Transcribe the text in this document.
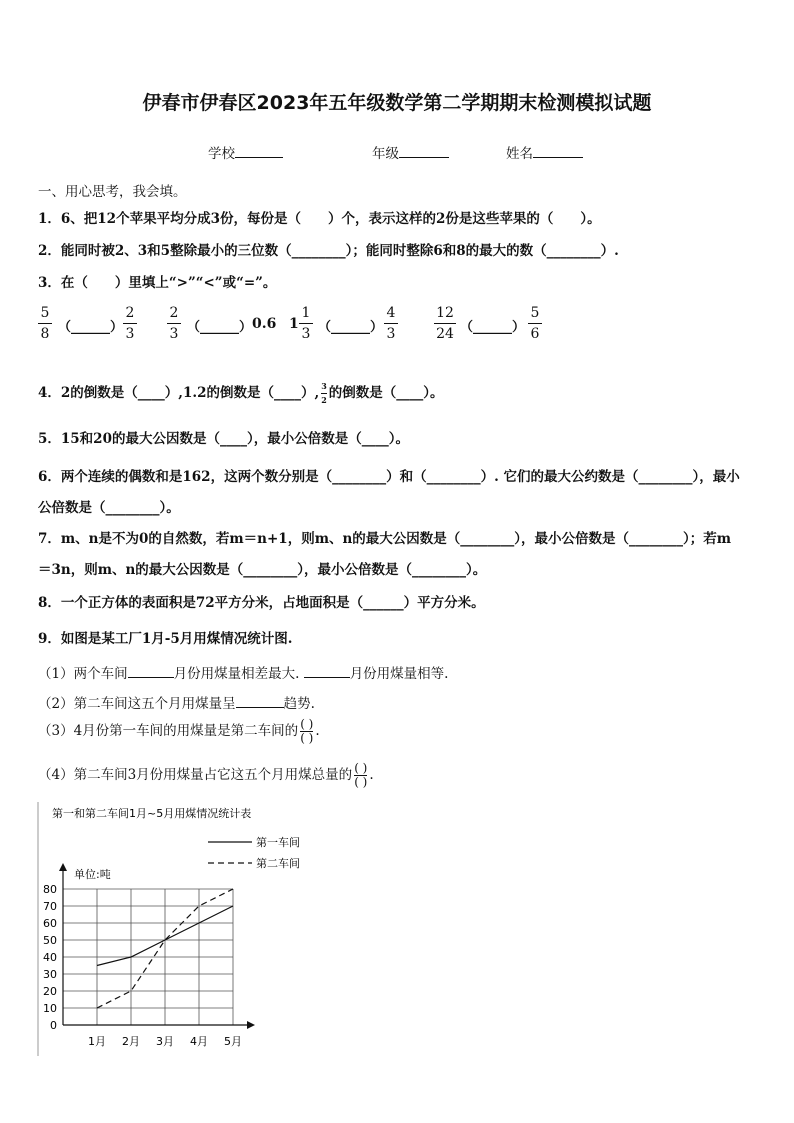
伊春市伊春区2023年五年级数学第二学期期末检测模拟试题
学校	年级	姓名
一、用心思考，我会填。
1．6、把12个苹果平均分成3份，每份是（　　）个，表示这样的2份是这些苹果的（　　）。
2．能同时被2、3和5整除最小的三位数（________）；能同时整除6和8的最大的数（________）.
3．在（　　）里填上“>”“<”或“=”。
5
8 （______）
2
3
2
3 （______） 0.6 1
1
3 （______）
4
3
12
24 （______）
5
6
4．2的倒数是（____）,1.2的倒数是（____）, $\frac{3}{2}$ 的倒数是（____）。
5．15和20的最大公因数是（____），最小公倍数是（____）。
6．两个连续的偶数和是162，这两个数分别是（________）和（________）. 它们的最大公约数是（________），最小
公倍数是（________）。
7．m、n是不为0的自然数，若m＝n+1，则m、n的最大公因数是（________），最小公倍数是（________）；若m
＝3n，则m、n的最大公因数是（________），最小公倍数是（________）。
8．一个正方体的表面积是72平方分米，占地面积是（______）平方分米。
9．如图是某工厂1月-5月用煤情况统计图.
（1）两个车间	月份用煤量相差最大.	月份用煤量相等.
（2）第二车间这五个月用煤量呈	趋势.
（3）4月份第一车间的用煤量是第二车间的 ( )
( ) .
（4）第二车间3月份用煤量占它这五个月用煤总量的 ( )
( ) .
第一和第二车间1月~5月用煤情况统计表
单位:吨
第一车间
第二车间
0
10
20
30
40
50
60
70
80
1月 2月 3月 4月 5月
